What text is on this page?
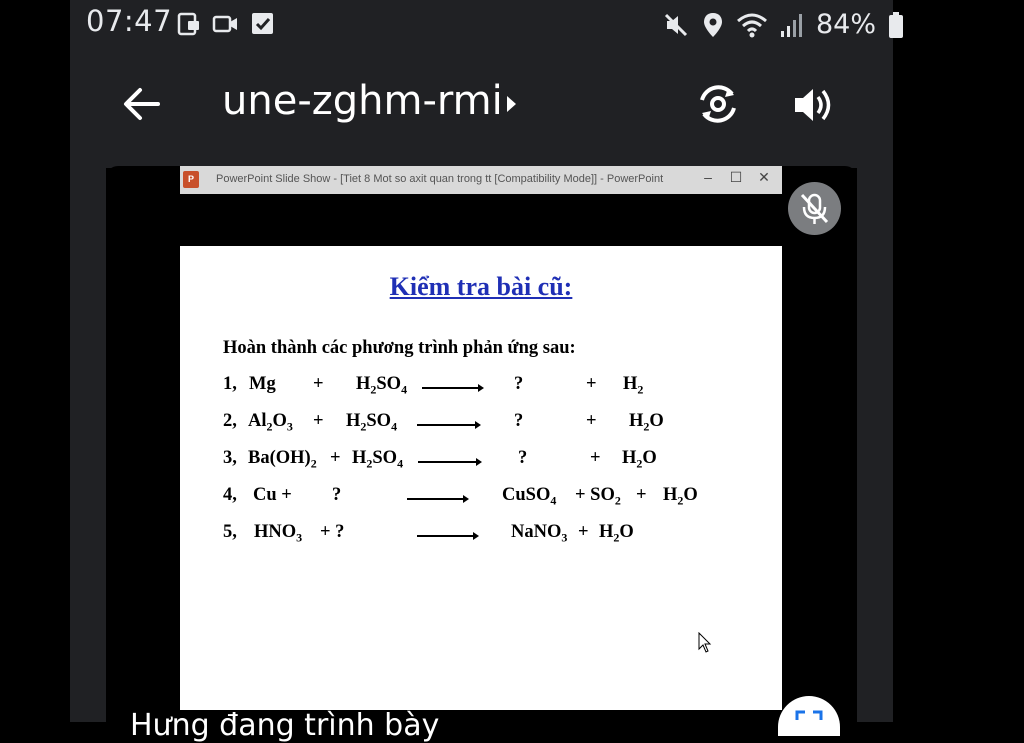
07:47	84%
une-zghm-rmi
P	PowerPoint Slide Show - [Tiet 8 Mot so axit quan trong tt [Compatibility Mode]] - PowerPoint	–	☐	✕
Kiểm tra bài cũ:
Hoàn thành các phương trình phản ứng sau:
1, $Mg + H_2SO_4$ → ?	+ $H_2$
2, $Al_2O_3 + H_2SO_4$ → ?	+ $H_2O$
3, $Ba(OH)_2 + H_2SO_4$ → ?	+ $H_2O$
4, Cu + ?	CuSO$_4$ + $SO_2 + H_2O$
5, $HNO_3$ + ?	NaNO$_3$ + $H_2O$
Hưng đang trình bày
